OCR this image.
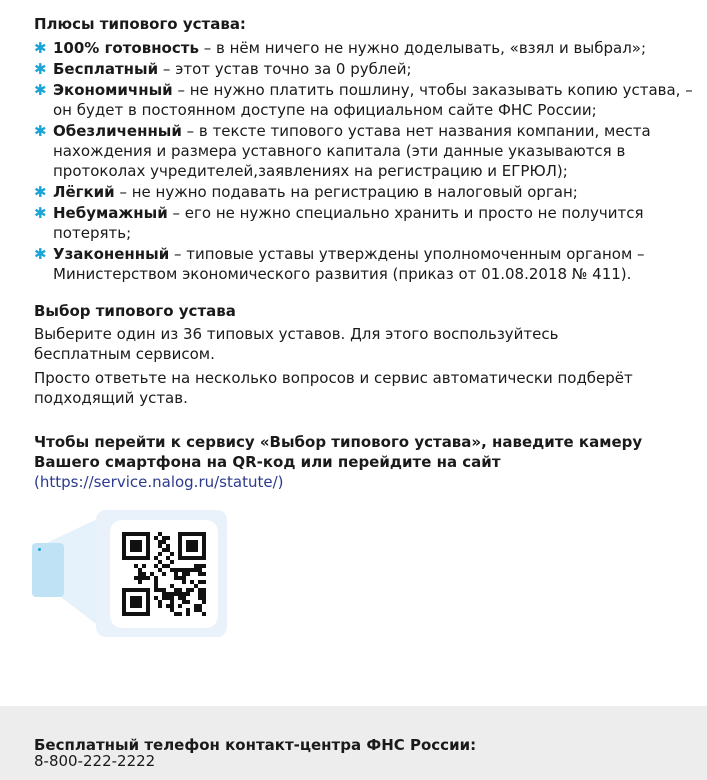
Плюсы типового устава:
✱ 100% готовность – в нём ничего не нужно доделывать, «взял и выбрал»;
✱ Бесплатный – этот устав точно за 0 рублей;
✱ Экономичный – не нужно платить пошлину, чтобы заказывать копию устава, – он будет в постоянном доступе на официальном сайте ФНС России;
✱ Обезличенный – в тексте типового устава нет названия компании, места нахождения и размера уставного капитала (эти данные указываются в протоколах учредителей,заявлениях на регистрацию и ЕГРЮЛ);
✱ Лёгкий – не нужно подавать на регистрацию в налоговый орган;
✱ Небумажный – его не нужно специально хранить и просто не получится потерять;
✱ Узаконенный – типовые уставы утверждены уполномоченным органом – Министерством экономического развития (приказ от 01.08.2018 № 411).
Выбор типового устава
Выберите один из 36 типовых уставов. Для этого воспользуйтесь бесплатным сервисом.
Просто ответьте на несколько вопросов и сервис автоматически подберёт подходящий устав.
Чтобы перейти к сервису «Выбор типового устава», наведите камеру Вашего смартфона на QR-код или перейдите на сайт
(https://service.nalog.ru/statute/)
Бесплатный телефон контакт-центра ФНС России:
8-800-222-2222
